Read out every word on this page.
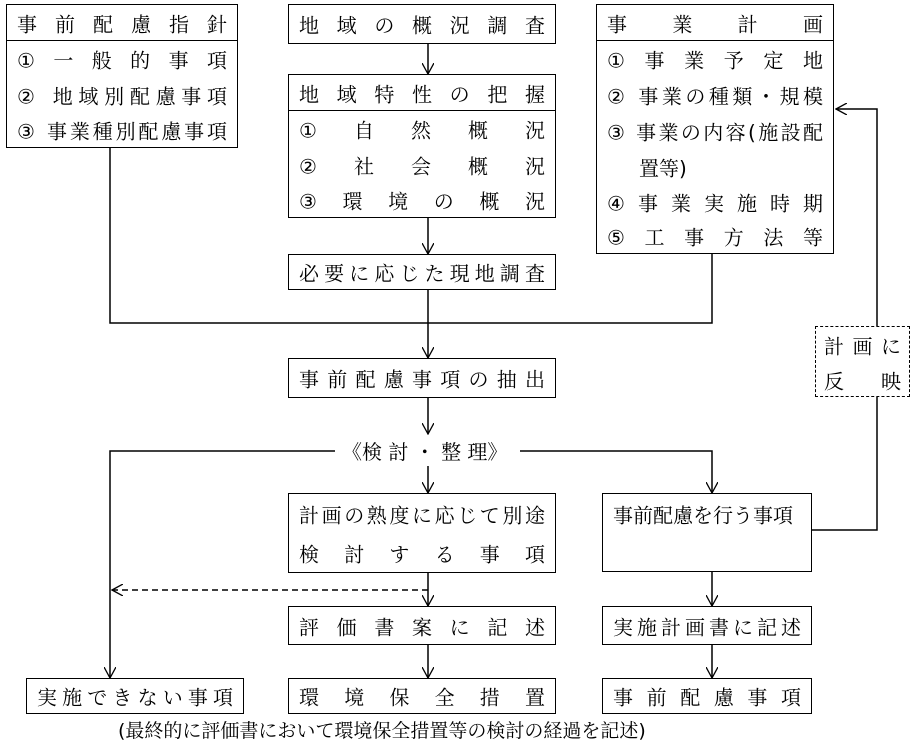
事 前 配 慮 指 針
① 一 般 的 事 項
② 地域別配慮事項
③ 事業種別配慮事項
地 域 の 概 況 調 査
地 域 特 性 の 把 握
① 自 然 概 況
② 社 会 概 況
③ 環 境 の 概 況
必要に応じた現地調査
事 業 計 画
① 事 業 予 定 地
② 事業の種類・規模
③ 事業の内容(施設配
置等)
④ 事 業 実 施 時 期
⑤ 工 事 方 法 等
計 画 に
反 映
事 前 配 慮 事 項 の 抽 出
《検 討 ・ 整 理》
計画の熟度に応じて別途
検 討 す る 事 項
事前配慮を行う事項
評 価 書 案 に 記 述	実施計画書に記述
実施できない事項	環 境 保 全 措 置	事 前 配 慮 事 項
(最終的に評価書において環境保全措置等の検討の経過を記述)
